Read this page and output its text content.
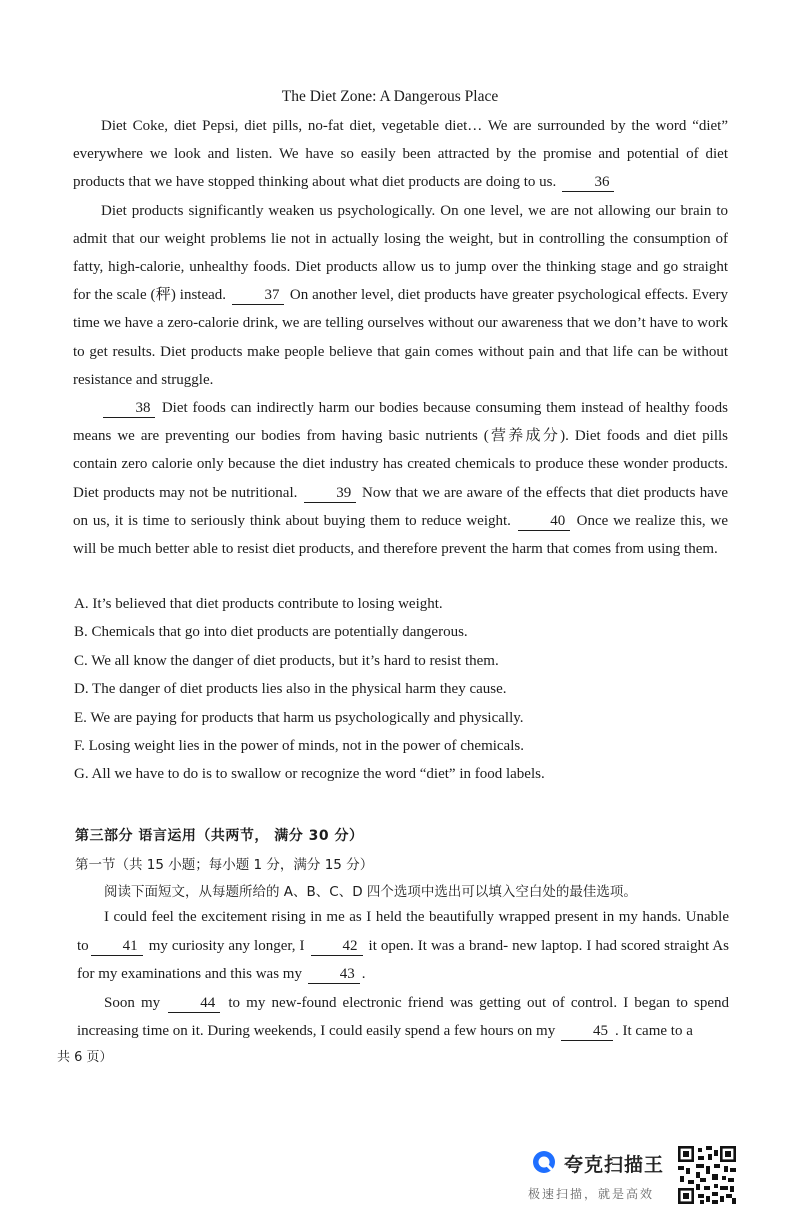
The Diet Zone: A Dangerous Place

Diet Coke, diet Pepsi, diet pills, no-fat diet, vegetable diet… We are surrounded by the word “diet” everywhere we look and listen. We have so easily been attracted by the promise and potential of diet products that we have stopped thinking about what diet products are doing to us.	36

Diet products significantly weaken us psychologically. On one level, we are not allowing our brain to admit that our weight problems lie not in actually losing the weight, but in controlling the consumption of fatty, high-calorie, unhealthy foods. Diet products allow us to jump over the thinking stage and go straight for the scale (秤) instead.	37 On another level, diet products have greater psychological effects. Every time we have a zero-calorie drink, we are telling ourselves without our awareness that we don’t have to work to get results. Diet products make people believe that gain comes without pain and that life can be without resistance and struggle.

38 Diet foods can indirectly harm our bodies because consuming them instead of healthy foods means we are preventing our bodies from having basic nutrients (营养成分). Diet foods and diet pills contain zero calorie only because the diet industry has created chemicals to produce these wonder products. Diet products may not be nutritional.	39 Now that we are aware of the effects that diet products have on us, it is time to seriously think about buying them to reduce weight.	40 Once we realize this, we will be much better able to resist diet products, and therefore prevent the harm that comes from using them.

A. It’s believed that diet products contribute to losing weight.
B. Chemicals that go into diet products are potentially dangerous.
C. We all know the danger of diet products, but it’s hard to resist them.
D. The danger of diet products lies also in the physical harm they cause.
E. We are paying for products that harm us psychologically and physically.
F. Losing weight lies in the power of minds, not in the power of chemicals.
G. All we have to do is to swallow or recognize the word “diet” in food labels.
第三部分 语言运用（共两节， 满分 30 分）
第一节（共 15 小题；每小题 1 分，满分 15 分）
阅读下面短文，从每题所给的 A、B、C、D 四个选项中选出可以填入空白处的最佳选项。

I could feel the excitement rising in me as I held the beautifully wrapped present in my hands. Unable to 41 my curiosity any longer, I	42 it open. It was a brand- new laptop. I had scored straight As for my examinations and this was my	43 .

Soon my	44 to my new-found electronic friend was getting out of control. I began to spend increasing time on it. During weekends, I could easily spend a few hours on my	45 . It came to a

共 6 页）
夸克扫描王
极速扫描，就是高效
